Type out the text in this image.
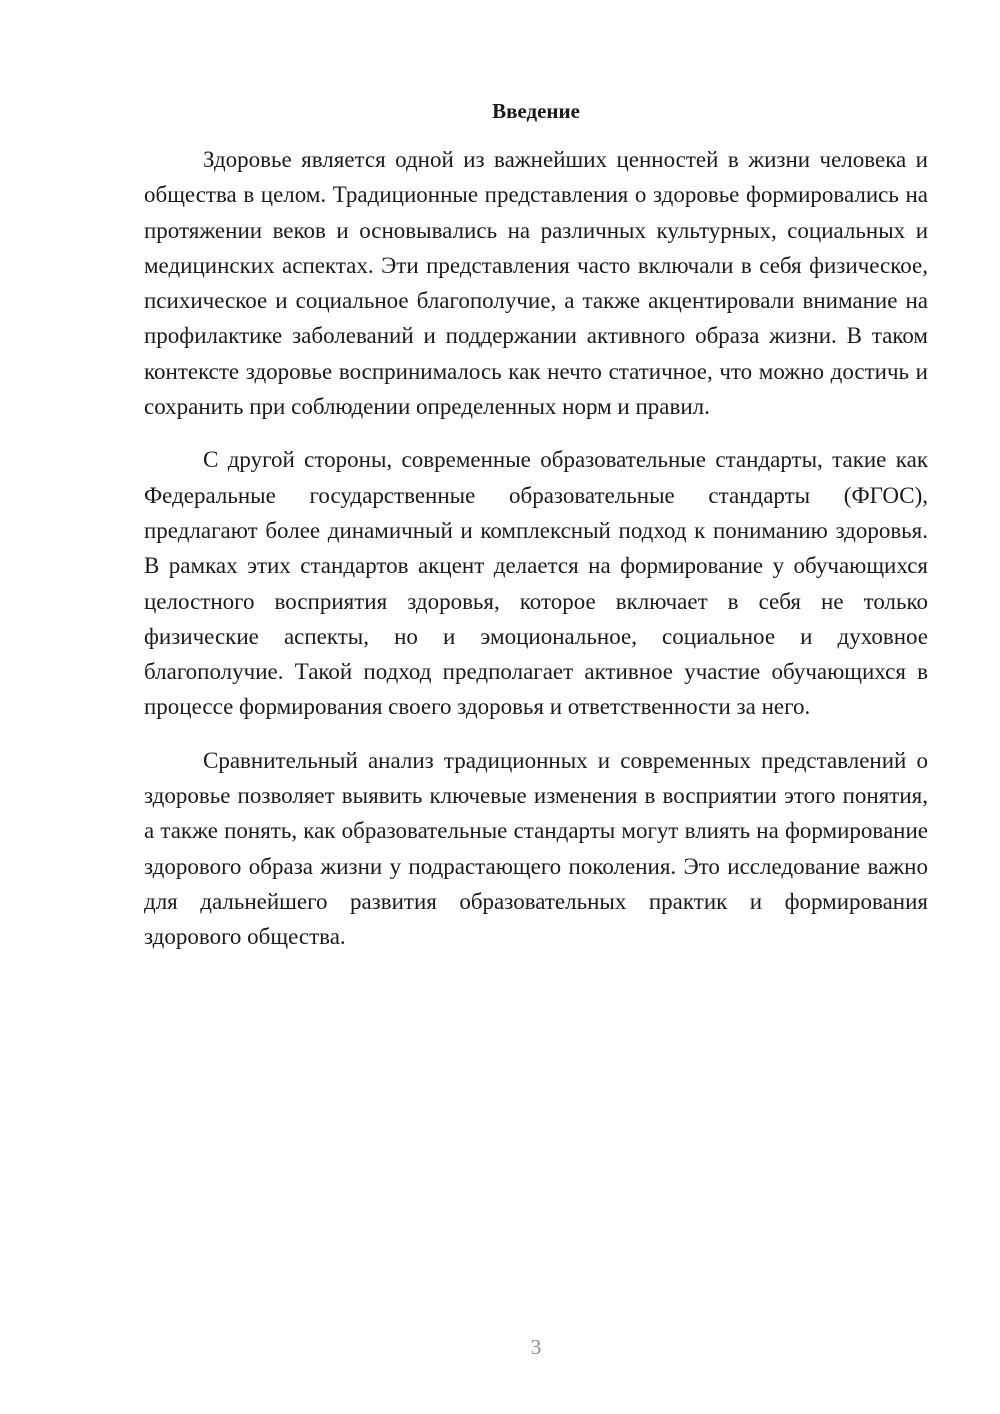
Введение

Здоровье является одной из важнейших ценностей в жизни человека и общества в целом. Традиционные представления о здоровье формировались на протяжении веков и основывались на различных культурных, социальных и медицинских аспектах. Эти представления часто включали в себя физическое, психическое и социальное благополучие, а также акцентировали внимание на профилактике заболеваний и поддержании активного образа жизни. В таком контексте здоровье воспринималось как нечто статичное, что можно достичь и сохранить при соблюдении определенных норм и правил.

С другой стороны, современные образовательные стандарты, такие как Федеральные государственные образовательные стандарты (ФГОС), предлагают более динамичный и комплексный подход к пониманию здоровья. В рамках этих стандартов акцент делается на формирование у обучающихся целостного восприятия здоровья, которое включает в себя не только физические аспекты, но и эмоциональное, социальное и духовное благополучие. Такой подход предполагает активное участие обучающихся в процессе формирования своего здоровья и ответственности за него.

Сравнительный анализ традиционных и современных представлений о здоровье позволяет выявить ключевые изменения в восприятии этого понятия, а также понять, как образовательные стандарты могут влиять на формирование здорового образа жизни у подрастающего поколения. Это исследование важно для дальнейшего развития образовательных практик и формирования здорового общества.

3
